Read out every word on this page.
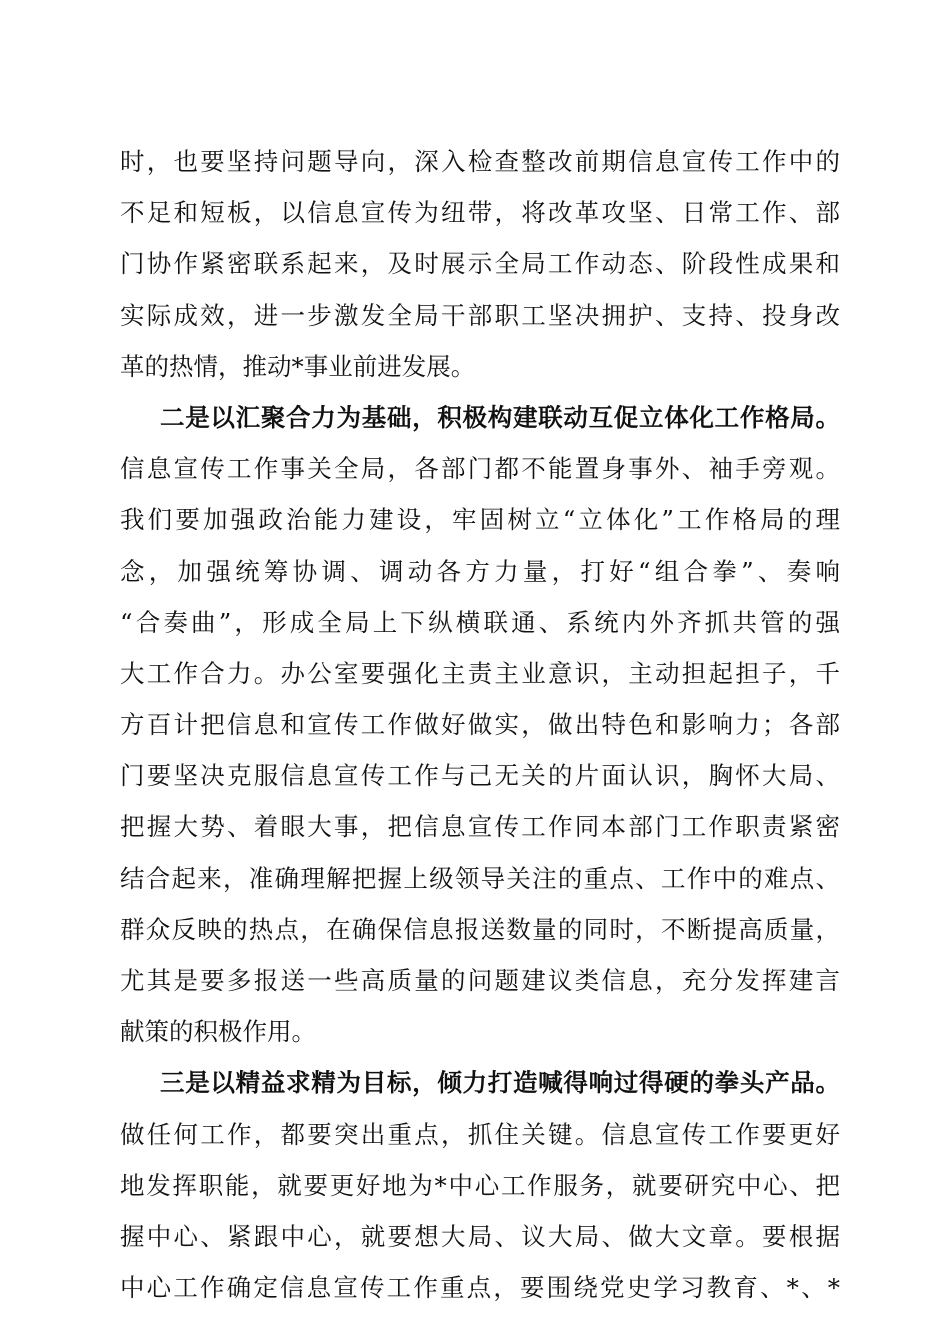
时，也要坚持问题导向，深入检查整改前期信息宣传工作中的
不足和短板，以信息宣传为纽带，将改革攻坚、日常工作、部
门协作紧密联系起来，及时展示全局工作动态、阶段性成果和
实际成效，进一步激发全局干部职工坚决拥护、支持、投身改
革的热情，推动*事业前进发展。
二是以汇聚合力为基础，积极构建联动互促立体化工作格局。
信息宣传工作事关全局，各部门都不能置身事外、袖手旁观。
我们要加强政治能力建设，牢固树立“立体化”工作格局的理
念，加强统筹协调、调动各方力量，打好“组合拳”、奏响
“合奏曲”，形成全局上下纵横联通、系统内外齐抓共管的强
大工作合力。办公室要强化主责主业意识，主动担起担子，千
方百计把信息和宣传工作做好做实，做出特色和影响力；各部
门要坚决克服信息宣传工作与己无关的片面认识，胸怀大局、
把握大势、着眼大事，把信息宣传工作同本部门工作职责紧密
结合起来，准确理解把握上级领导关注的重点、工作中的难点、
群众反映的热点，在确保信息报送数量的同时，不断提高质量，
尤其是要多报送一些高质量的问题建议类信息，充分发挥建言
献策的积极作用。
三是以精益求精为目标，倾力打造喊得响过得硬的拳头产品。
做任何工作，都要突出重点，抓住关键。信息宣传工作要更好
地发挥职能，就要更好地为*中心工作服务，就要研究中心、把
握中心、紧跟中心，就要想大局、议大局、做大文章。要根据
中心工作确定信息宣传工作重点，要围绕党史学习教育、*、*
